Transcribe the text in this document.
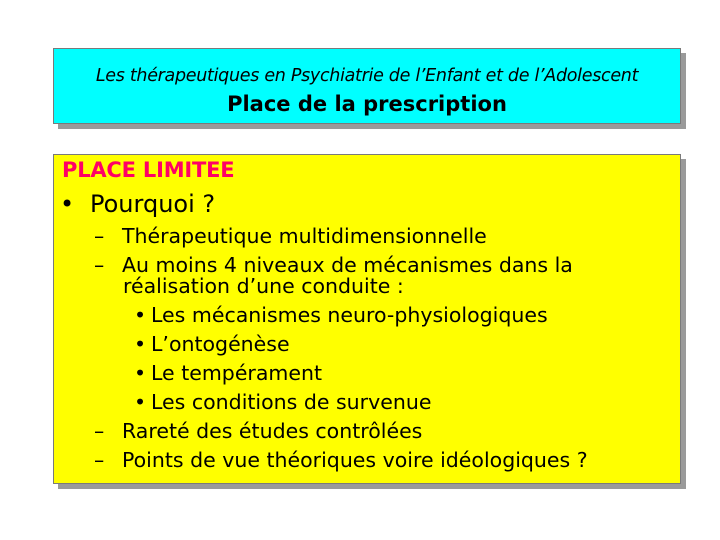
Les thérapeutiques en Psychiatrie de l’Enfant et de l’Adolescent
Place de la prescription
PLACE LIMITEE
• Pourquoi ?
– Thérapeutique multidimensionnelle
– Au moins 4 niveaux de mécanismes dans la
réalisation d’une conduite :
• Les mécanismes neuro-physiologiques
• L’ontogénèse
• Le tempérament
• Les conditions de survenue
– Rareté des études contrôlées
– Points de vue théoriques voire idéologiques ?
